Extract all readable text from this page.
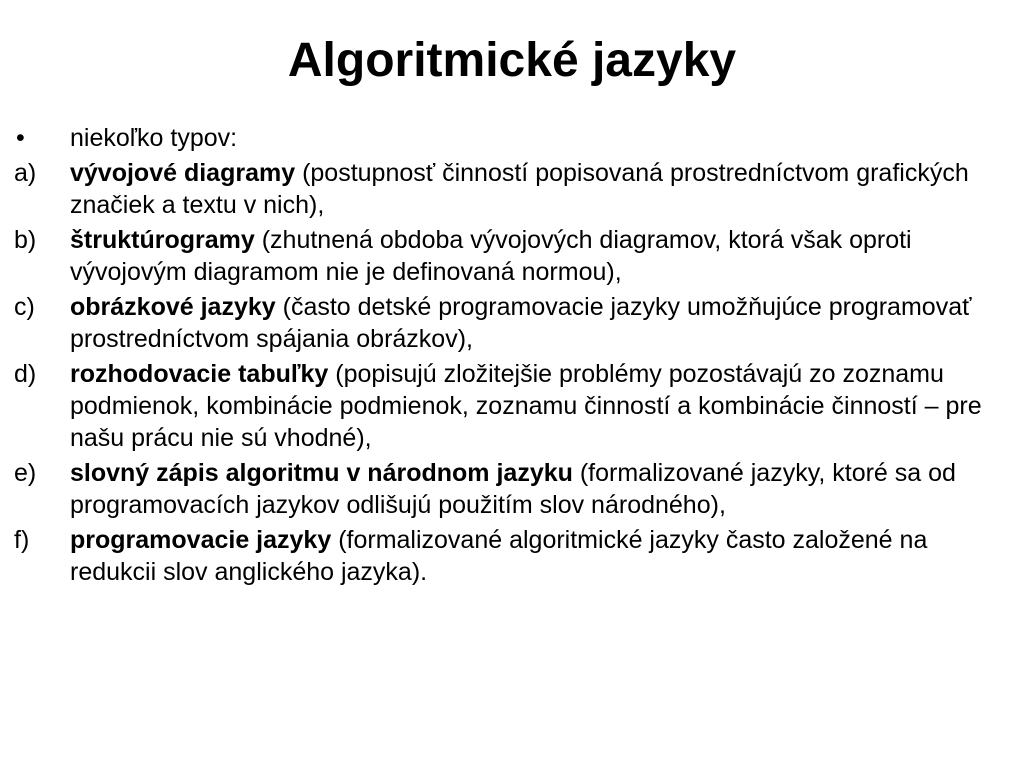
Algoritmické jazyky
•	niekoľko typov:
a)	vývojové diagramy (postupnosť činností popisovaná prostredníctvom grafických značiek a textu v nich),
b)	štruktúrogramy (zhutnená obdoba vývojových diagramov, ktorá však oproti vývojovým diagramom nie je definovaná normou),
c)	obrázkové jazyky (často detské programovacie jazyky umožňujúce programovať prostredníctvom spájania obrázkov),
d)	rozhodovacie tabuľky (popisujú zložitejšie problémy pozostávajú zo zoznamu podmienok, kombinácie podmienok, zoznamu činností a kombinácie činností – pre našu prácu nie sú vhodné),
e)	slovný zápis algoritmu v národnom jazyku (formalizované jazyky, ktoré sa od programovacích jazykov odlišujú použitím slov národného),
f)	programovacie jazyky (formalizované algoritmické jazyky často založené na redukcii slov anglického jazyka).
